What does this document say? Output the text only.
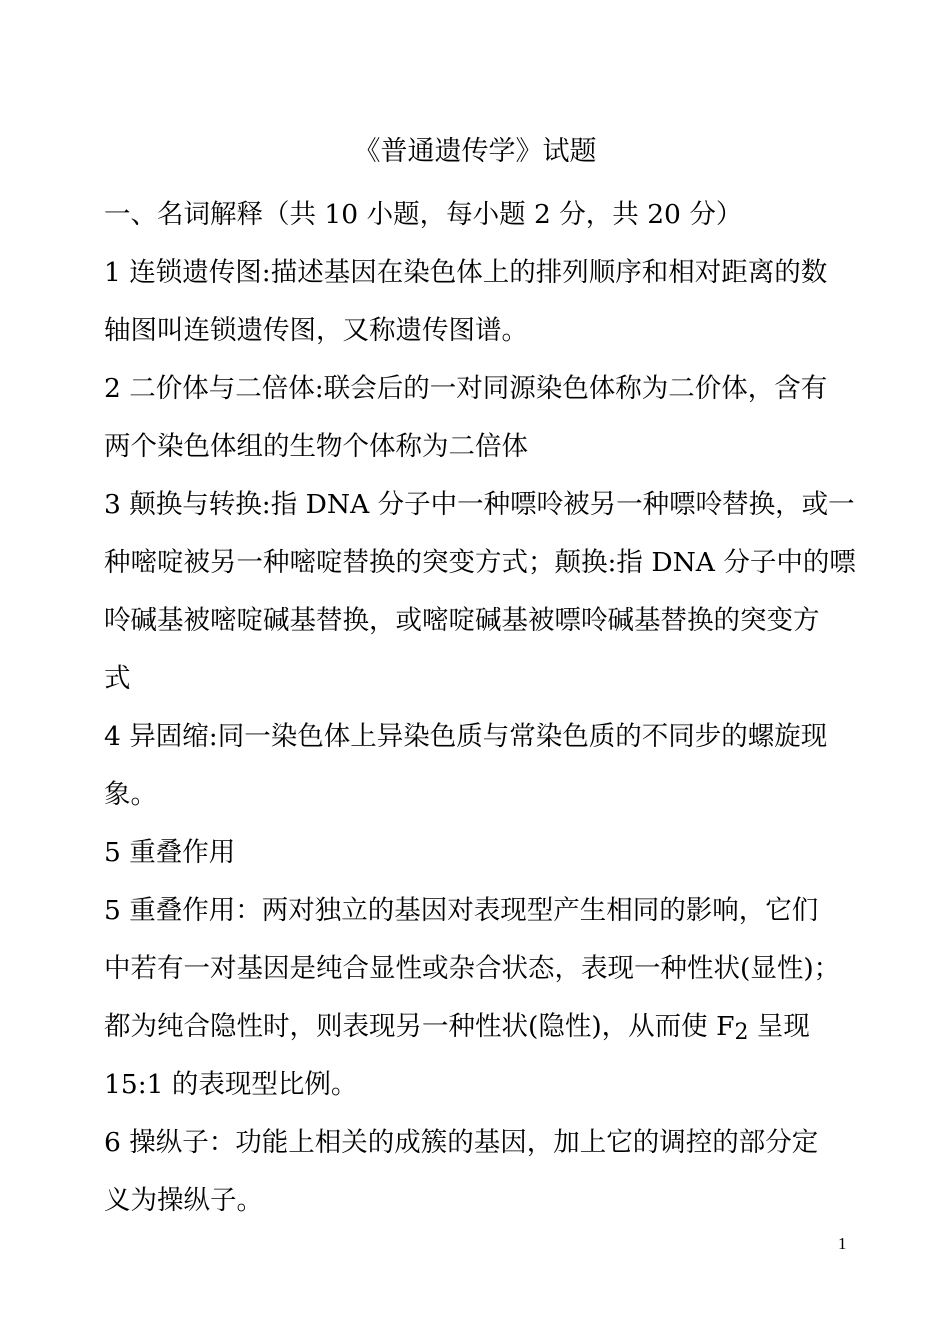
《普通遗传学》试题
一、名词解释（共 10 小题，每小题 2 分，共 20 分）
1 连锁遗传图:描述基因在染色体上的排列顺序和相对距离的数
轴图叫连锁遗传图，又称遗传图谱。
2 二价体与二倍体:联会后的一对同源染色体称为二价体，含有
两个染色体组的生物个体称为二倍体
3 颠换与转换:指 DNA 分子中一种嘌呤被另一种嘌呤替换，或一
种嘧啶被另一种嘧啶替换的突变方式；颠换:指 DNA 分子中的嘌
呤碱基被嘧啶碱基替换，或嘧啶碱基被嘌呤碱基替换的突变方
式
4 异固缩:同一染色体上异染色质与常染色质的不同步的螺旋现
象。
5 重叠作用
5 重叠作用：两对独立的基因对表现型产生相同的影响，它们
中若有一对基因是纯合显性或杂合状态，表现一种性状(显性)；
都为纯合隐性时，则表现另一种性状(隐性)，从而使 $F_2$ 呈现
15:1 的表现型比例。
6 操纵子：功能上相关的成簇的基因，加上它的调控的部分定
义为操纵子。
1
